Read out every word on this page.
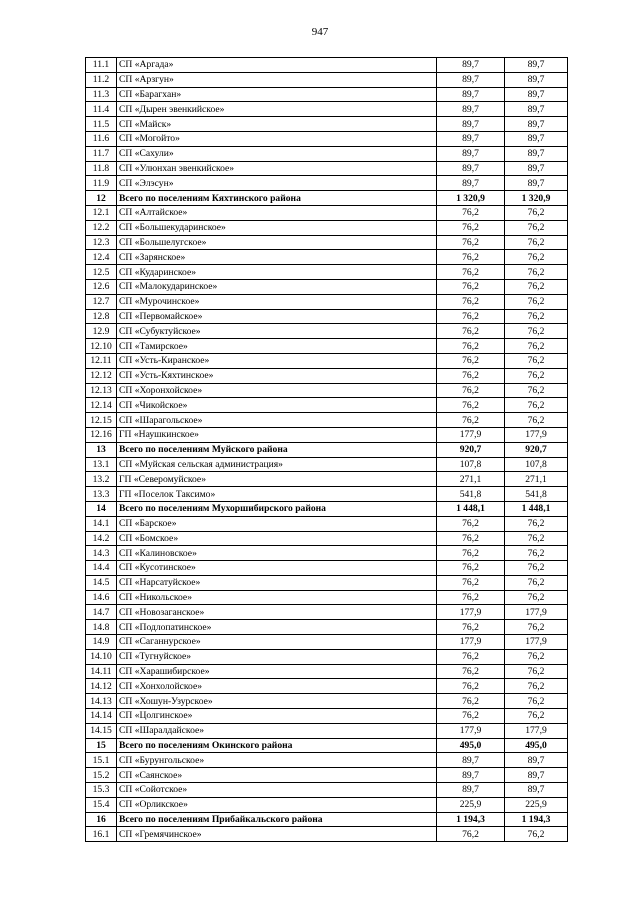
947
11.1	СП «Аргада»	89,7	89,7
11.2	СП «Арзгун»	89,7	89,7
11.3	СП «Барагхан»	89,7	89,7
11.4	СП «Дырен эвенкийское»	89,7	89,7
11.5	СП «Майск»	89,7	89,7
11.6	СП «Могойто»	89,7	89,7
11.7	СП «Сахули»	89,7	89,7
11.8	СП «Улюнхан эвенкийское»	89,7	89,7
11.9	СП «Элэсун»	89,7	89,7
12	Всего по поселениям Кяхтинского района	1 320,9	1 320,9
12.1	СП «Алтайское»	76,2	76,2
12.2	СП «Большекударинское»	76,2	76,2
12.3	СП «Большелугское»	76,2	76,2
12.4	СП «Зарянское»	76,2	76,2
12.5	СП «Кударинское»	76,2	76,2
12.6	СП «Малокударинское»	76,2	76,2
12.7	СП «Мурочинское»	76,2	76,2
12.8	СП «Первомайское»	76,2	76,2
12.9	СП «Субуктуйское»	76,2	76,2
12.10	СП «Тамирское»	76,2	76,2
12.11	СП «Усть-Киранское»	76,2	76,2
12.12	СП «Усть-Кяхтинское»	76,2	76,2
12.13	СП «Хоронхойское»	76,2	76,2
12.14	СП «Чикойское»	76,2	76,2
12.15	СП «Шарагольское»	76,2	76,2
12.16	ГП «Наушкинское»	177,9	177,9
13	Всего по поселениям Муйского района	920,7	920,7
13.1	СП «Муйская сельская администрация»	107,8	107,8
13.2	ГП «Северомуйское»	271,1	271,1
13.3	ГП «Поселок Таксимо»	541,8	541,8
14	Всего по поселениям Мухоршибирского района	1 448,1	1 448,1
14.1	СП «Барское»	76,2	76,2
14.2	СП «Бомское»	76,2	76,2
14.3	СП «Калиновское»	76,2	76,2
14.4	СП «Кусотинское»	76,2	76,2
14.5	СП «Нарсатуйское»	76,2	76,2
14.6	СП «Никольское»	76,2	76,2
14.7	СП «Новозаганское»	177,9	177,9
14.8	СП «Подлопатинское»	76,2	76,2
14.9	СП «Саганнурское»	177,9	177,9
14.10	СП «Тугнуйское»	76,2	76,2
14.11	СП «Харашибирское»	76,2	76,2
14.12	СП «Хонхолойское»	76,2	76,2
14.13	СП «Хошун-Узурское»	76,2	76,2
14.14	СП «Цолгинское»	76,2	76,2
14.15	СП «Шаралдайское»	177,9	177,9
15	Всего по поселениям Окинского района	495,0	495,0
15.1	СП «Бурунгольское»	89,7	89,7
15.2	СП «Саянское»	89,7	89,7
15.3	СП «Сойотское»	89,7	89,7
15.4	СП «Орликское»	225,9	225,9
16	Всего по поселениям Прибайкальского района	1 194,3	1 194,3
16.1	СП «Гремячинское»	76,2	76,2
